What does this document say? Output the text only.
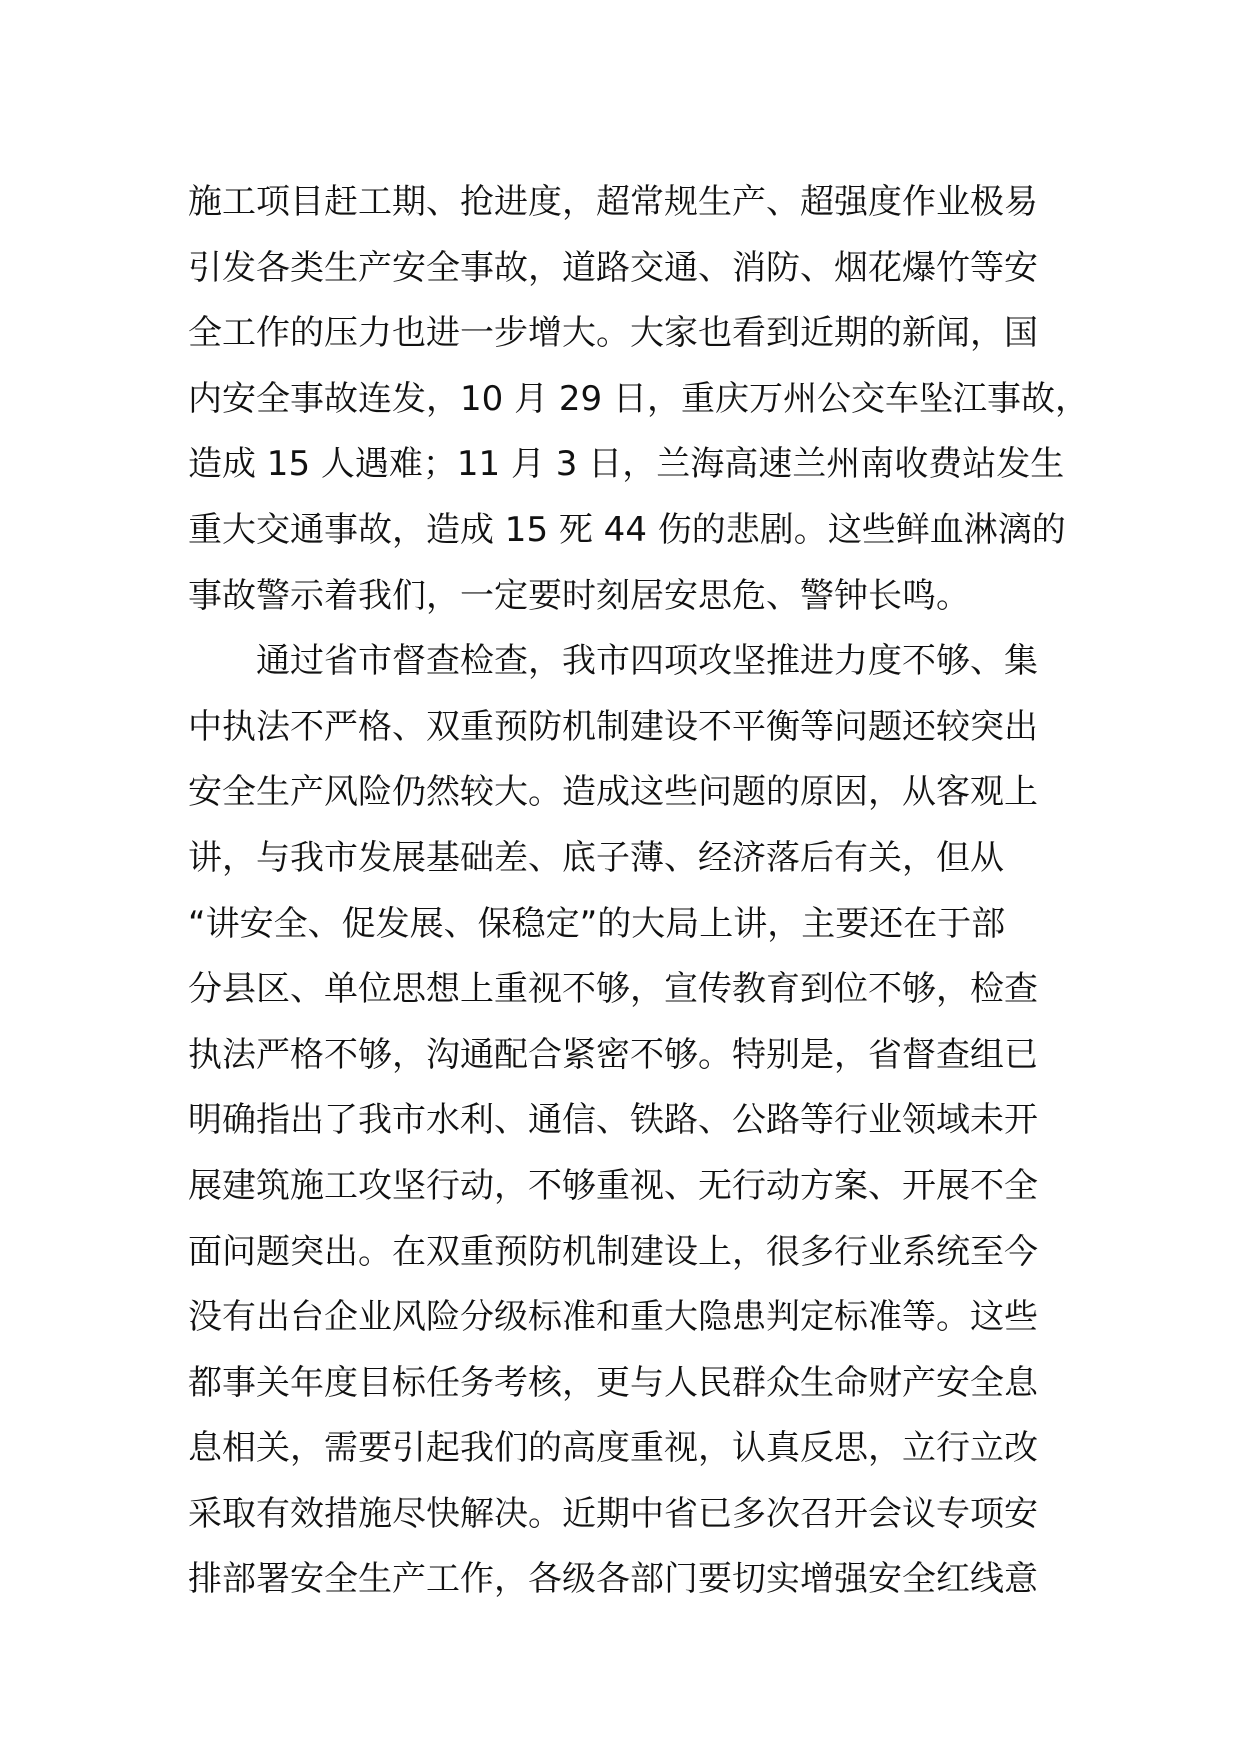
施工项目赶工期、抢进度，超常规生产、超强度作业极易
引发各类生产安全事故，道路交通、消防、烟花爆竹等安
全工作的压力也进一步增大。大家也看到近期的新闻，国
内安全事故连发，10 月 29 日，重庆万州公交车坠江事故，
造成 15 人遇难；11 月 3 日，兰海高速兰州南收费站发生
重大交通事故，造成 15 死 44 伤的悲剧。这些鲜血淋漓的
事故警示着我们，一定要时刻居安思危、警钟长鸣。
　　通过省市督查检查，我市四项攻坚推进力度不够、集
中执法不严格、双重预防机制建设不平衡等问题还较突出
安全生产风险仍然较大。造成这些问题的原因，从客观上
讲，与我市发展基础差、底子薄、经济落后有关，但从
“讲安全、促发展、保稳定”的大局上讲，主要还在于部
分县区、单位思想上重视不够，宣传教育到位不够，检查
执法严格不够，沟通配合紧密不够。特别是，省督查组已
明确指出了我市水利、通信、铁路、公路等行业领域未开
展建筑施工攻坚行动，不够重视、无行动方案、开展不全
面问题突出。在双重预防机制建设上，很多行业系统至今
没有出台企业风险分级标准和重大隐患判定标准等。这些
都事关年度目标任务考核，更与人民群众生命财产安全息
息相关，需要引起我们的高度重视，认真反思，立行立改
采取有效措施尽快解决。近期中省已多次召开会议专项安
排部署安全生产工作，各级各部门要切实增强安全红线意
